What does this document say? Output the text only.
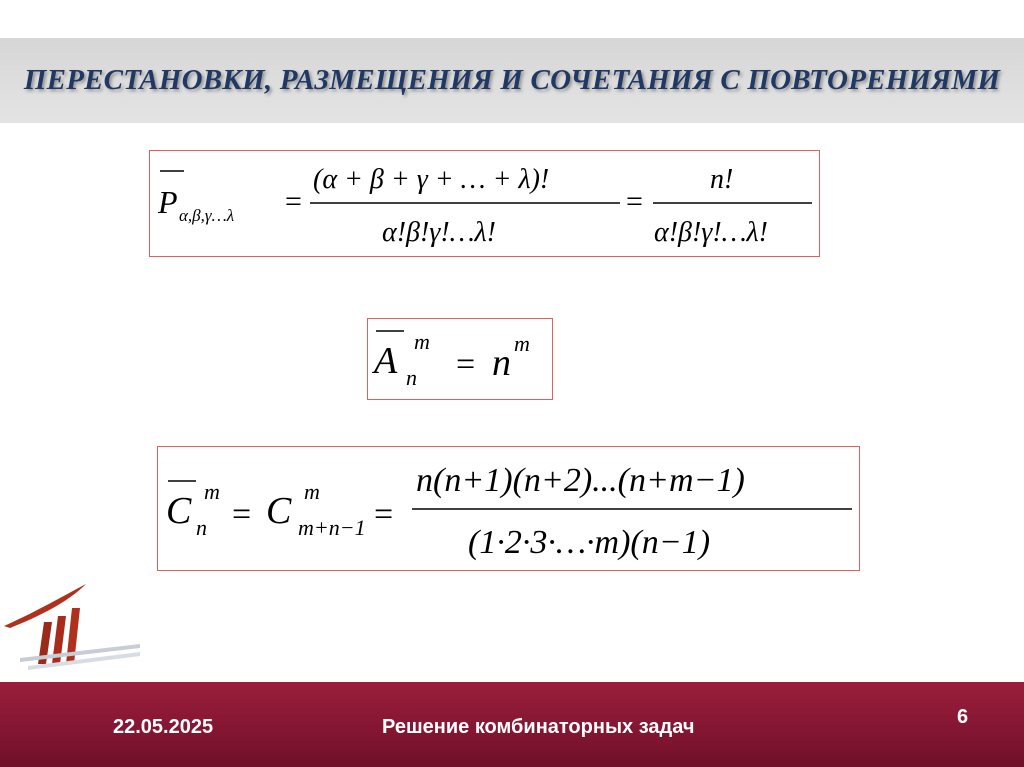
ПЕРЕСТАНОВКИ, РАЗМЕЩЕНИЯ И СОЧЕТАНИЯ С ПОВТОРЕНИЯМИ
P α,β,γ…λ =
(α + β + γ + … + λ)!
α!β!γ!…λ!
=
n!
α!β!γ!…λ!
A m
n = n m
C m
n = C m
m+n−1 =
n(n+1)(n+2)...(n+m−1)
(1·2·3·…·m)(n−1)
22.05.2025	Решение комбинаторных задач	6
